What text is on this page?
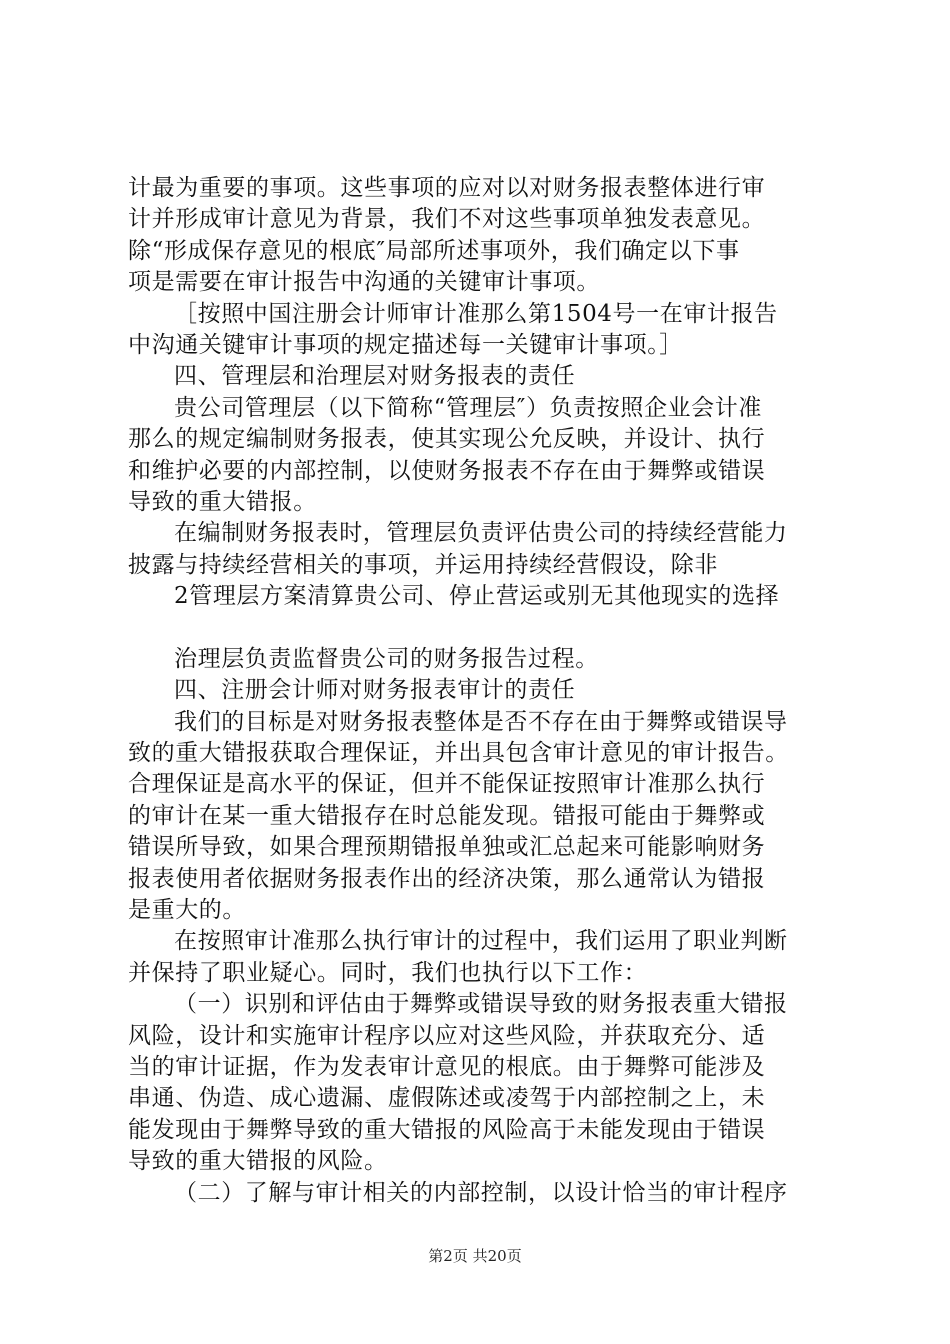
计最为重要的事项。这些事项的应对以对财务报表整体进行审

计并形成审计意见为背景，我们不对这些事项单独发表意见。

除“形成保存意见的根底″局部所述事项外，我们确定以下事

项是需要在审计报告中沟通的关键审计事项。

［按照中国注册会计师审计准那么第1504号一在审计报告

中沟通关键审计事项的规定描述每一关键审计事项。］

四、管理层和治理层对财务报表的责任

贵公司管理层（以下简称“管理层″）负责按照企业会计准

那么的规定编制财务报表，使其实现公允反映，并设计、执行

和维护必要的内部控制，以使财务报表不存在由于舞弊或错误

导致的重大错报。

在编制财务报表时，管理层负责评估贵公司的持续经营能力

披露与持续经营相关的事项，并运用持续经营假设，除非

2管理层方案清算贵公司、停止营运或别无其他现实的选择

治理层负责监督贵公司的财务报告过程。

四、注册会计师对财务报表审计的责任

我们的目标是对财务报表整体是否不存在由于舞弊或错误导

致的重大错报获取合理保证，并出具包含审计意见的审计报告。

合理保证是高水平的保证，但并不能保证按照审计准那么执行

的审计在某一重大错报存在时总能发现。错报可能由于舞弊或

错误所导致，如果合理预期错报单独或汇总起来可能影响财务

报表使用者依据财务报表作出的经济决策，那么通常认为错报

是重大的。

在按照审计准那么执行审计的过程中，我们运用了职业判断

并保持了职业疑心。同时，我们也执行以下工作：

（一）识别和评估由于舞弊或错误导致的财务报表重大错报

风险，设计和实施审计程序以应对这些风险，并获取充分、适

当的审计证据，作为发表审计意见的根底。由于舞弊可能涉及

串通、伪造、成心遗漏、虚假陈述或凌驾于内部控制之上，未

能发现由于舞弊导致的重大错报的风险高于未能发现由于错误

导致的重大错报的风险。

（二）了解与审计相关的内部控制，以设计恰当的审计程序

第2页 共20页
